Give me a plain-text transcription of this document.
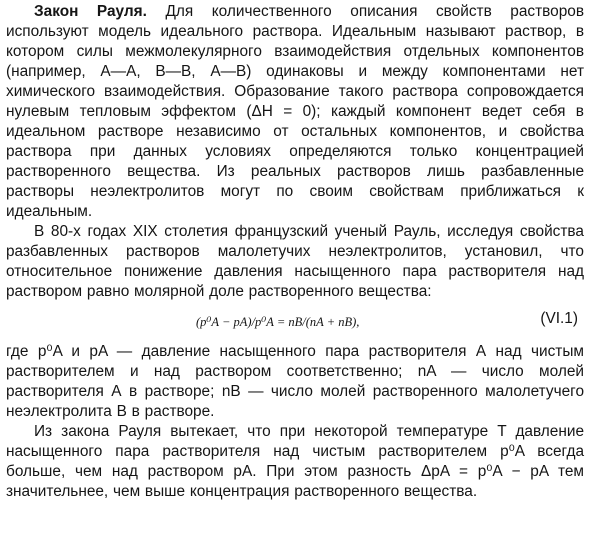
Закон Рауля. Для количественного описания свойств растворов используют модель идеального раствора. Идеальным называют раствор, в котором силы межмолекулярного взаимодействия отдельных компонентов (например, А—А, В—В, А—В) одинаковы и между компонентами нет химического взаимодействия. Образование такого раствора сопровождается нулевым тепловым эффектом (ΔH = 0); каждый компонент ведет себя в идеальном растворе независимо от остальных компонентов, и свойства раствора при данных условиях определяются только концентрацией растворенного вещества. Из реальных растворов лишь разбавленные растворы неэлектролитов могут по своим свойствам приближаться к идеальным.

В 80-х годах XIX столетия французский ученый Рауль, исследуя свойства разбавленных растворов малолетучих неэлектролитов, установил, что относительное понижение давления насыщенного пара растворителя над раствором равно молярной доле растворенного вещества:

(p⁰A − pA)/p⁰A = nB/(nA + nB),	(VI.1)

где p⁰A и pA — давление насыщенного пара растворителя А над чистым растворителем и над раствором соответственно; nA — число молей растворителя А в растворе; nB — число молей растворенного малолетучего неэлектролита В в растворе.

Из закона Рауля вытекает, что при некоторой температуре T давление насыщенного пара растворителя над чистым растворителем p⁰A всегда больше, чем над раствором pA. При этом разность ΔpA = p⁰A − pA тем значительнее, чем выше концентрация растворенного вещества.
